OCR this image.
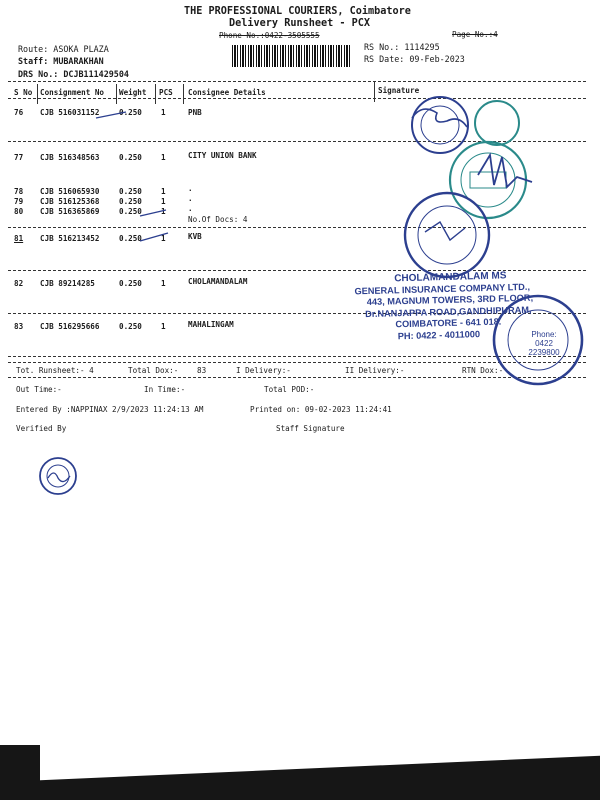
THE PROFESSIONAL COURIERS, Coimbatore
Delivery Runsheet - PCX
Phone No.:0422-3505555	Page No.:4
Route: ASOKA PLAZA
Staff: MUBARAKHAN
DRS No.: DCJB111429504
RS No.: 1114295
RS Date: 09-Feb-2023
S No Consignment No Weight PCS Consignee Details	Signature
76 CJB 516031152	0.250	1	PNB
77 CJB 516348563	0.250	1	CITY UNION BANK
78 CJB 516065930	0.250	1	.
79 CJB 516125368	0.250	1	.
80 CJB 516365869	0.250	1	.
No.Of Docs: 4
81 CJB 516213452	0.250	1	KVB
82 CJB 89214285	0.250	1	CHOLAMANDALAM
83 CJB 516295666	0.250	1	MAHALINGAM
Tot. Runsheet:- 4	Total Dox:- 83	I Delivery:-	II Delivery:-	RTN Dox:-
Out Time:-	In Time:-	Total POD:-
Entered By :NAPPINAX 2/9/2023 11:24:13 AM	Printed on: 09-02-2023 11:24:41
Verified By	Staff Signature
CHOLAMANDALAM MS
GENERAL INSURANCE COMPANY LTD.,
443, MAGNUM TOWERS, 3RD FLOOR,
Dr.NANJAPPA ROAD,GANDHIPURAM,
COIMBATORE - 641 018.
PH: 0422 - 4011000	Phone: 0422 2239800
